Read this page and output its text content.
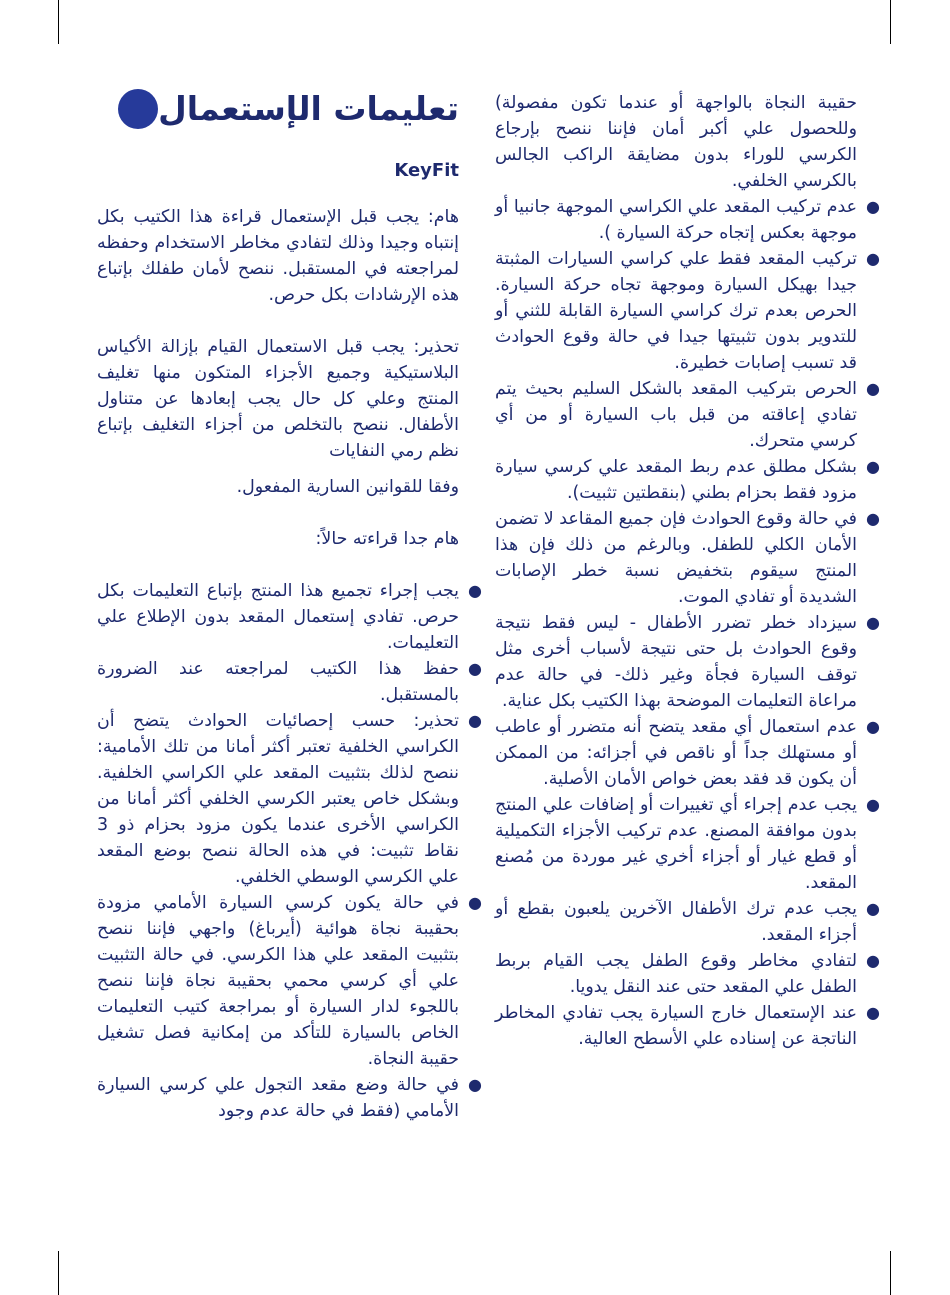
تعليمات الإستعمال
KeyFit

هام: يجب قبل الإستعمال قراءة هذا الكتيب بكل إنتباه وجيدا وذلك لتفادي مخاطر الاستخدام وحفظه لمراجعته في المستقبل. ننصح لأمان طفلك بإتباع هذه الإرشادات بكل حرص.

تحذير: يجب قبل الاستعمال القيام بإزالة الأكياس البلاستيكية وجميع الأجزاء المتكون منها تغليف المنتج وعلي كل حال يجب إبعادها عن متناول الأطفال. ننصح بالتخلص من أجزاء التغليف بإتباع نظم رمي النفايات

وفقا للقوانين السارية المفعول.

هام جدا قراءته حالاً:

●
يجب إجراء تجميع هذا المنتج بإتباع التعليمات بكل حرص. تفادي إستعمال المقعد بدون الإطلاع علي التعليمات.
●
حفظ هذا الكتيب لمراجعته عند الضرورة بالمستقبل.
●
تحذير: حسب إحصائيات الحوادث يتضح أن الكراسي الخلفية تعتبر أكثر أمانا من تلك الأمامية: ننصح لذلك بتثبيت المقعد علي الكراسي الخلفية. وبشكل خاص يعتبر الكرسي الخلفي أكثر أمانا من الكراسي الأخرى عندما يكون مزود بحزام ذو 3 نقاط تثبيت: في هذه الحالة ننصح بوضع المقعد علي الكرسي الوسطي الخلفي.
●
في حالة يكون كرسي السيارة الأمامي مزودة بحقيبة نجاة هوائية (أيرباغ) واجهي فإننا ننصح بتثبيت المقعد علي هذا الكرسي. في حالة التثبيت علي أي كرسي محمي بحقيبة نجاة فإننا ننصح باللجوء لدار السيارة أو بمراجعة كتيب التعليمات الخاص بالسيارة للتأكد من إمكانية فصل تشغيل حقيبة النجاة.
●
في حالة وضع مقعد التجول علي كرسي السيارة الأمامي (فقط في حالة عدم وجود

حقيبة النجاة بالواجهة أو عندما تكون مفصولة) وللحصول علي أكبر أمان فإننا ننصح بإرجاع الكرسي للوراء بدون مضايقة الراكب الجالس بالكرسي الخلفي.

●
عدم تركيب المقعد علي الكراسي الموجهة جانبيا أو موجهة بعكس إتجاه حركة السيارة ).
●
تركيب المقعد فقط علي كراسي السيارات المثبتة جيدا بهيكل السيارة وموجهة تجاه حركة السيارة. الحرص بعدم ترك كراسي السيارة القابلة للثني أو للتدوير بدون تثبيتها جيدا في حالة وقوع الحوادث قد تسبب إصابات خطيرة.
●
الحرص بتركيب المقعد بالشكل السليم بحيث يتم تفادي إعاقته من قبل باب السيارة أو من أي كرسي متحرك.
●
بشكل مطلق عدم ربط المقعد علي كرسي سيارة مزود فقط بحزام بطني (بنقطتين تثبيت).
●
في حالة وقوع الحوادث فإن جميع المقاعد لا تضمن الأمان الكلي للطفل. وبالرغم من ذلك فإن هذا المنتج سيقوم بتخفيض نسبة خطر الإصابات الشديدة أو تفادي الموت.
●
سيزداد خطر تضرر الأطفال - ليس فقط نتيجة وقوع الحوادث بل حتى نتيجة لأسباب أخرى مثل توقف السيارة فجأة وغير ذلك- في حالة عدم مراعاة التعليمات الموضحة بهذا الكتيب بكل عناية.
●
عدم استعمال أي مقعد يتضح أنه متضرر أو عاطب أو مستهلك جداً أو ناقص في أجزائه: من الممكن أن يكون قد فقد بعض خواص الأمان الأصلية.
●
يجب عدم إجراء أي تغييرات أو إضافات علي المنتج بدون موافقة المصنع. عدم تركيب الأجزاء التكميلية أو قطع غيار أو أجزاء أخري غير موردة من مُصنع المقعد.
●
يجب عدم ترك الأطفال الآخرين يلعبون بقطع أو أجزاء المقعد.
●
لتفادي مخاطر وقوع الطفل يجب القيام بربط الطفل علي المقعد حتى عند النقل يدويا.
●
عند الإستعمال خارج السيارة يجب تفادي المخاطر الناتجة عن إسناده علي الأسطح العالية.
